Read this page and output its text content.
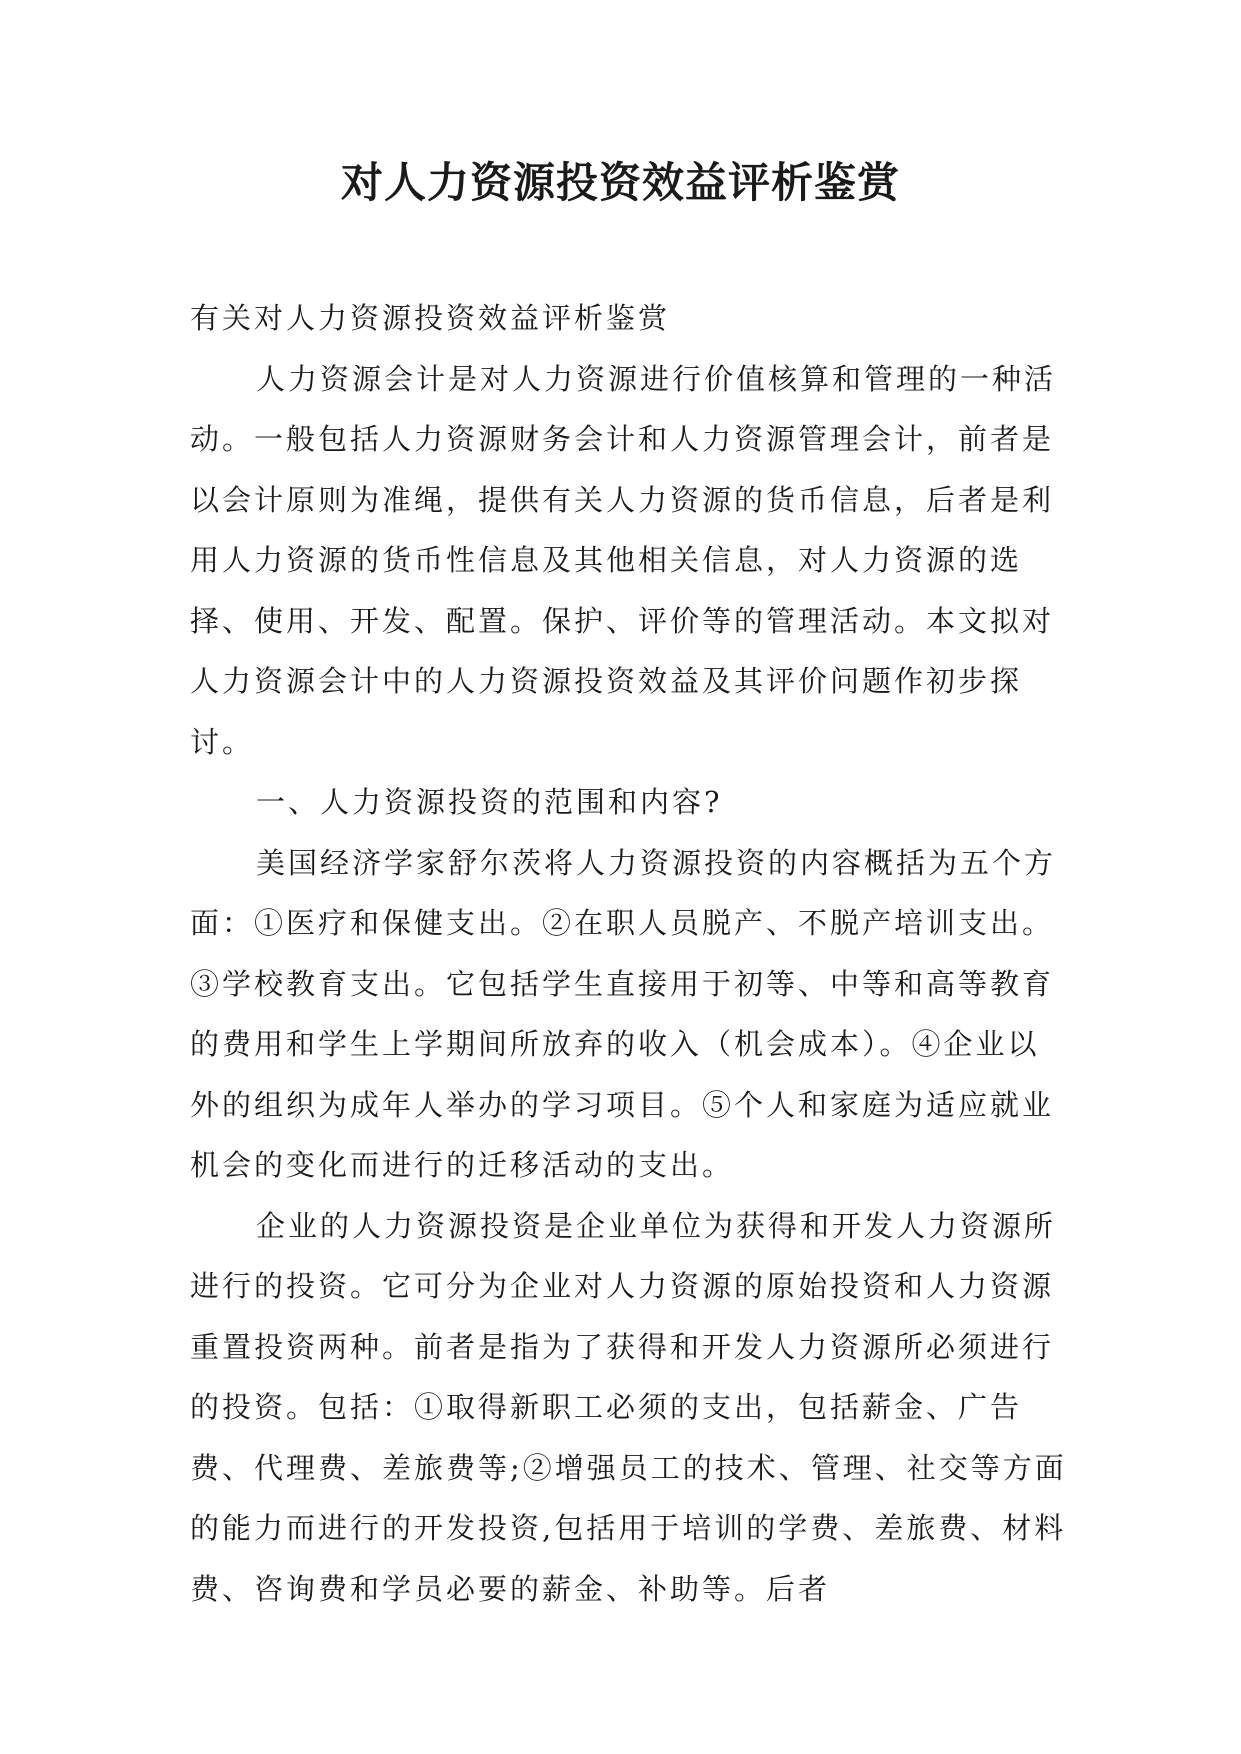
对人力资源投资效益评析鉴赏

有关对人力资源投资效益评析鉴赏

人力资源会计是对人力资源进行价值核算和管理的一种活动。一般包括人力资源财务会计和人力资源管理会计，前者是以会计原则为准绳，提供有关人力资源的货币信息，后者是利用人力资源的货币性信息及其他相关信息，对人力资源的选择、使用、开发、配置。保护、评价等的管理活动。本文拟对人力资源会计中的人力资源投资效益及其评价问题作初步探讨。

一、人力资源投资的范围和内容?

美国经济学家舒尔茨将人力资源投资的内容概括为五个方面：①医疗和保健支出。②在职人员脱产、不脱产培训支出。③学校教育支出。它包括学生直接用于初等、中等和高等教育的费用和学生上学期间所放弃的收入（机会成本）。④企业以外的组织为成年人举办的学习项目。⑤个人和家庭为适应就业机会的变化而进行的迁移活动的支出。

企业的人力资源投资是企业单位为获得和开发人力资源所进行的投资。它可分为企业对人力资源的原始投资和人力资源重置投资两种。前者是指为了获得和开发人力资源所必须进行的投资。包括：①取得新职工必须的支出，包括薪金、广告费、代理费、差旅费等;②增强员工的技术、管理、社交等方面的能力而进行的开发投资,包括用于培训的学费、差旅费、材料费、咨询费和学员必要的薪金、补助等。后者
